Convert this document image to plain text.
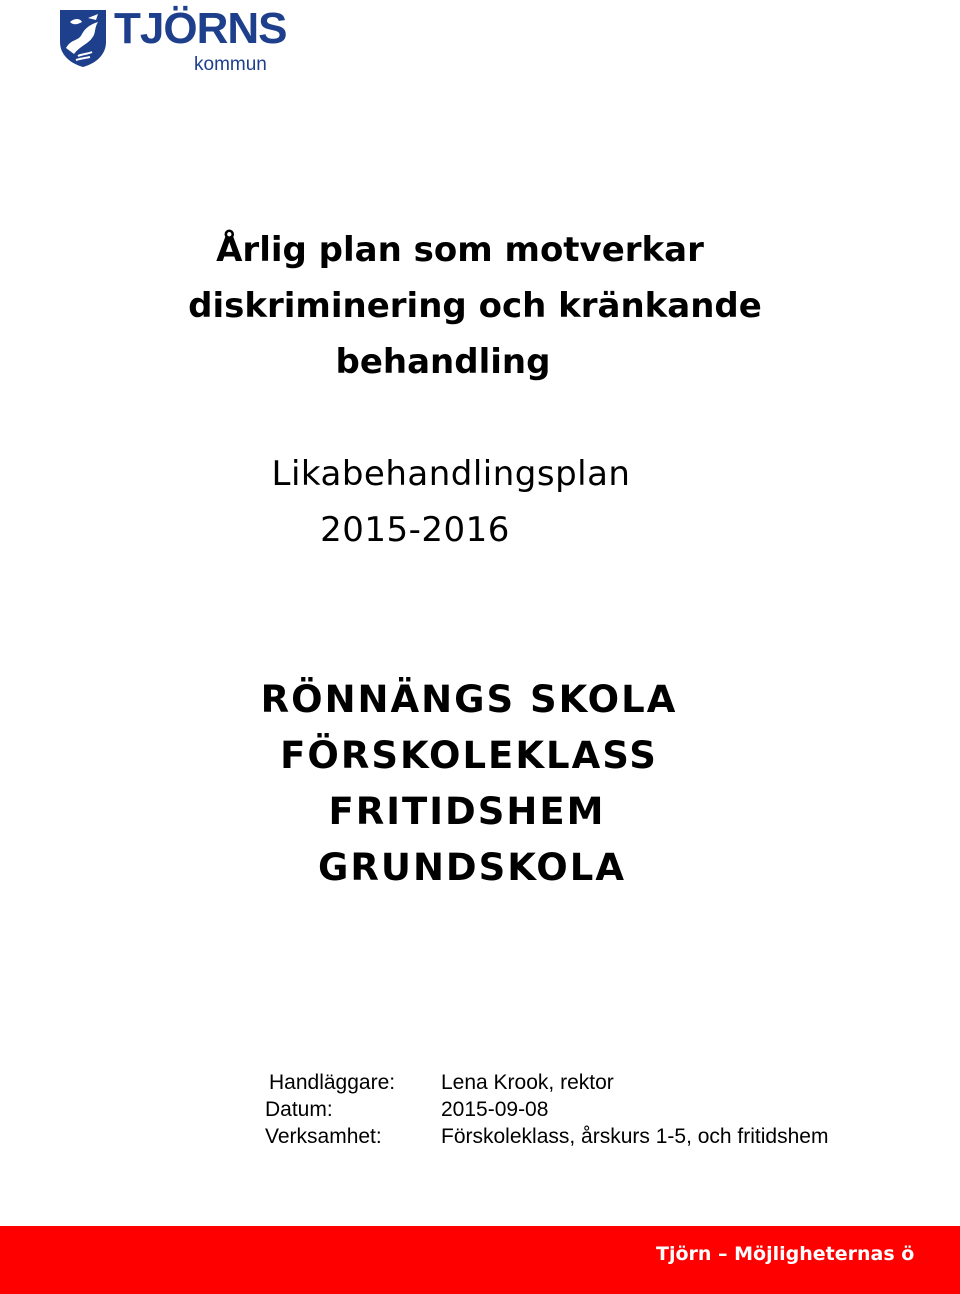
TJÖRNS
kommun
Årlig plan som motverkar
diskriminering och kränkande
behandling
Likabehandlingsplan
2015-2016
RÖNNÄNGS SKOLA
FÖRSKOLEKLASS
FRITIDSHEM
GRUNDSKOLA
Handläggare:	Lena Krook, rektor
Datum:	2015-09-08
Verksamhet:	Förskoleklass, årskurs 1-5, och fritidshem
Tjörn – Möjligheternas ö
